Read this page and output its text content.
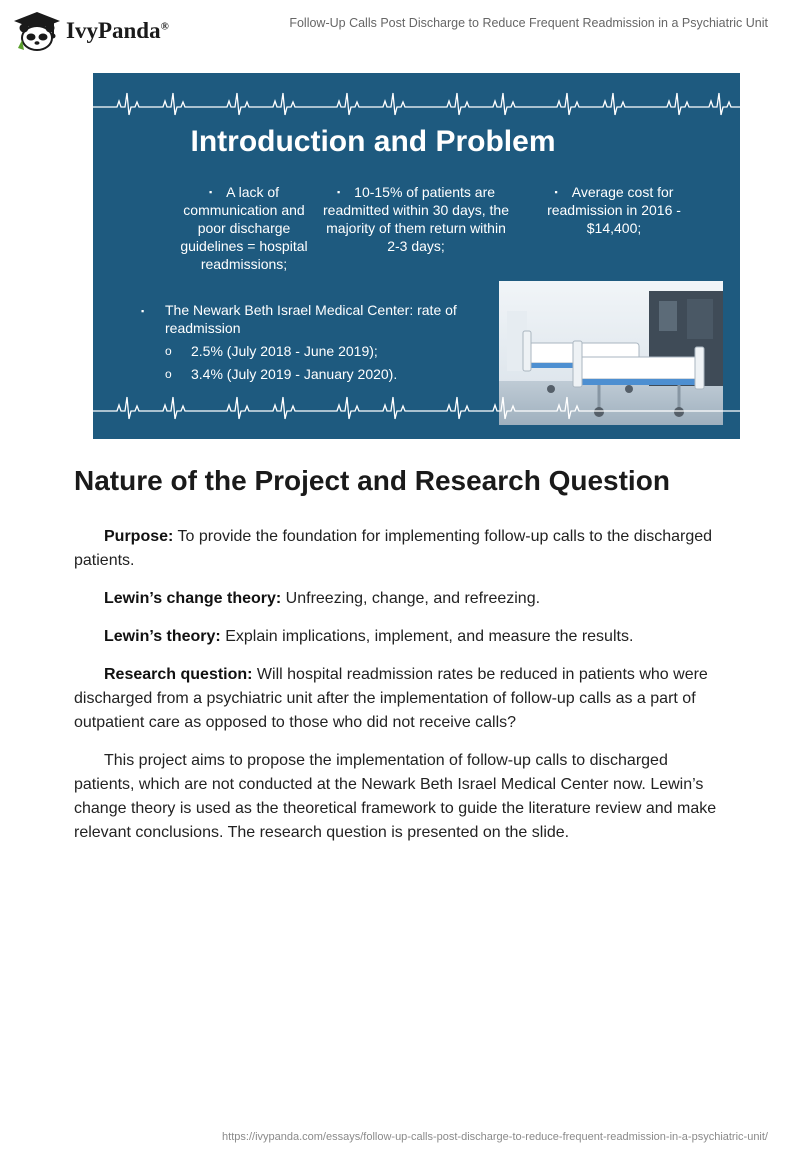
IvyPanda®	Follow-Up Calls Post Discharge to Reduce Frequent Readmission in a Psychiatric Unit
Introduction and Problem
▪ A lack of communication and poor discharge guidelines = hospital readmissions;
▪ 10-15% of patients are readmitted within 30 days, the majority of them return within 2-3 days;
▪ Average cost for readmission in 2016 - $14,400;
▪	The Newark Beth Israel Medical Center: rate of readmission
o	2.5% (July 2018 - June 2019);
o	3.4% (July 2019 - January 2020).
Nature of the Project and Research Question

Purpose: To provide the foundation for implementing follow-up calls to the discharged patients.

Lewin’s change theory: Unfreezing, change, and refreezing.

Lewin’s theory: Explain implications, implement, and measure the results.

Research question: Will hospital readmission rates be reduced in patients who were discharged from a psychiatric unit after the implementation of follow-up calls as a part of outpatient care as opposed to those who did not receive calls?

This project aims to propose the implementation of follow-up calls to discharged patients, which are not conducted at the Newark Beth Israel Medical Center now. Lewin’s change theory is used as the theoretical framework to guide the literature review and make relevant conclusions. The research question is presented on the slide.

https://ivypanda.com/essays/follow-up-calls-post-discharge-to-reduce-frequent-readmission-in-a-psychiatric-unit/
